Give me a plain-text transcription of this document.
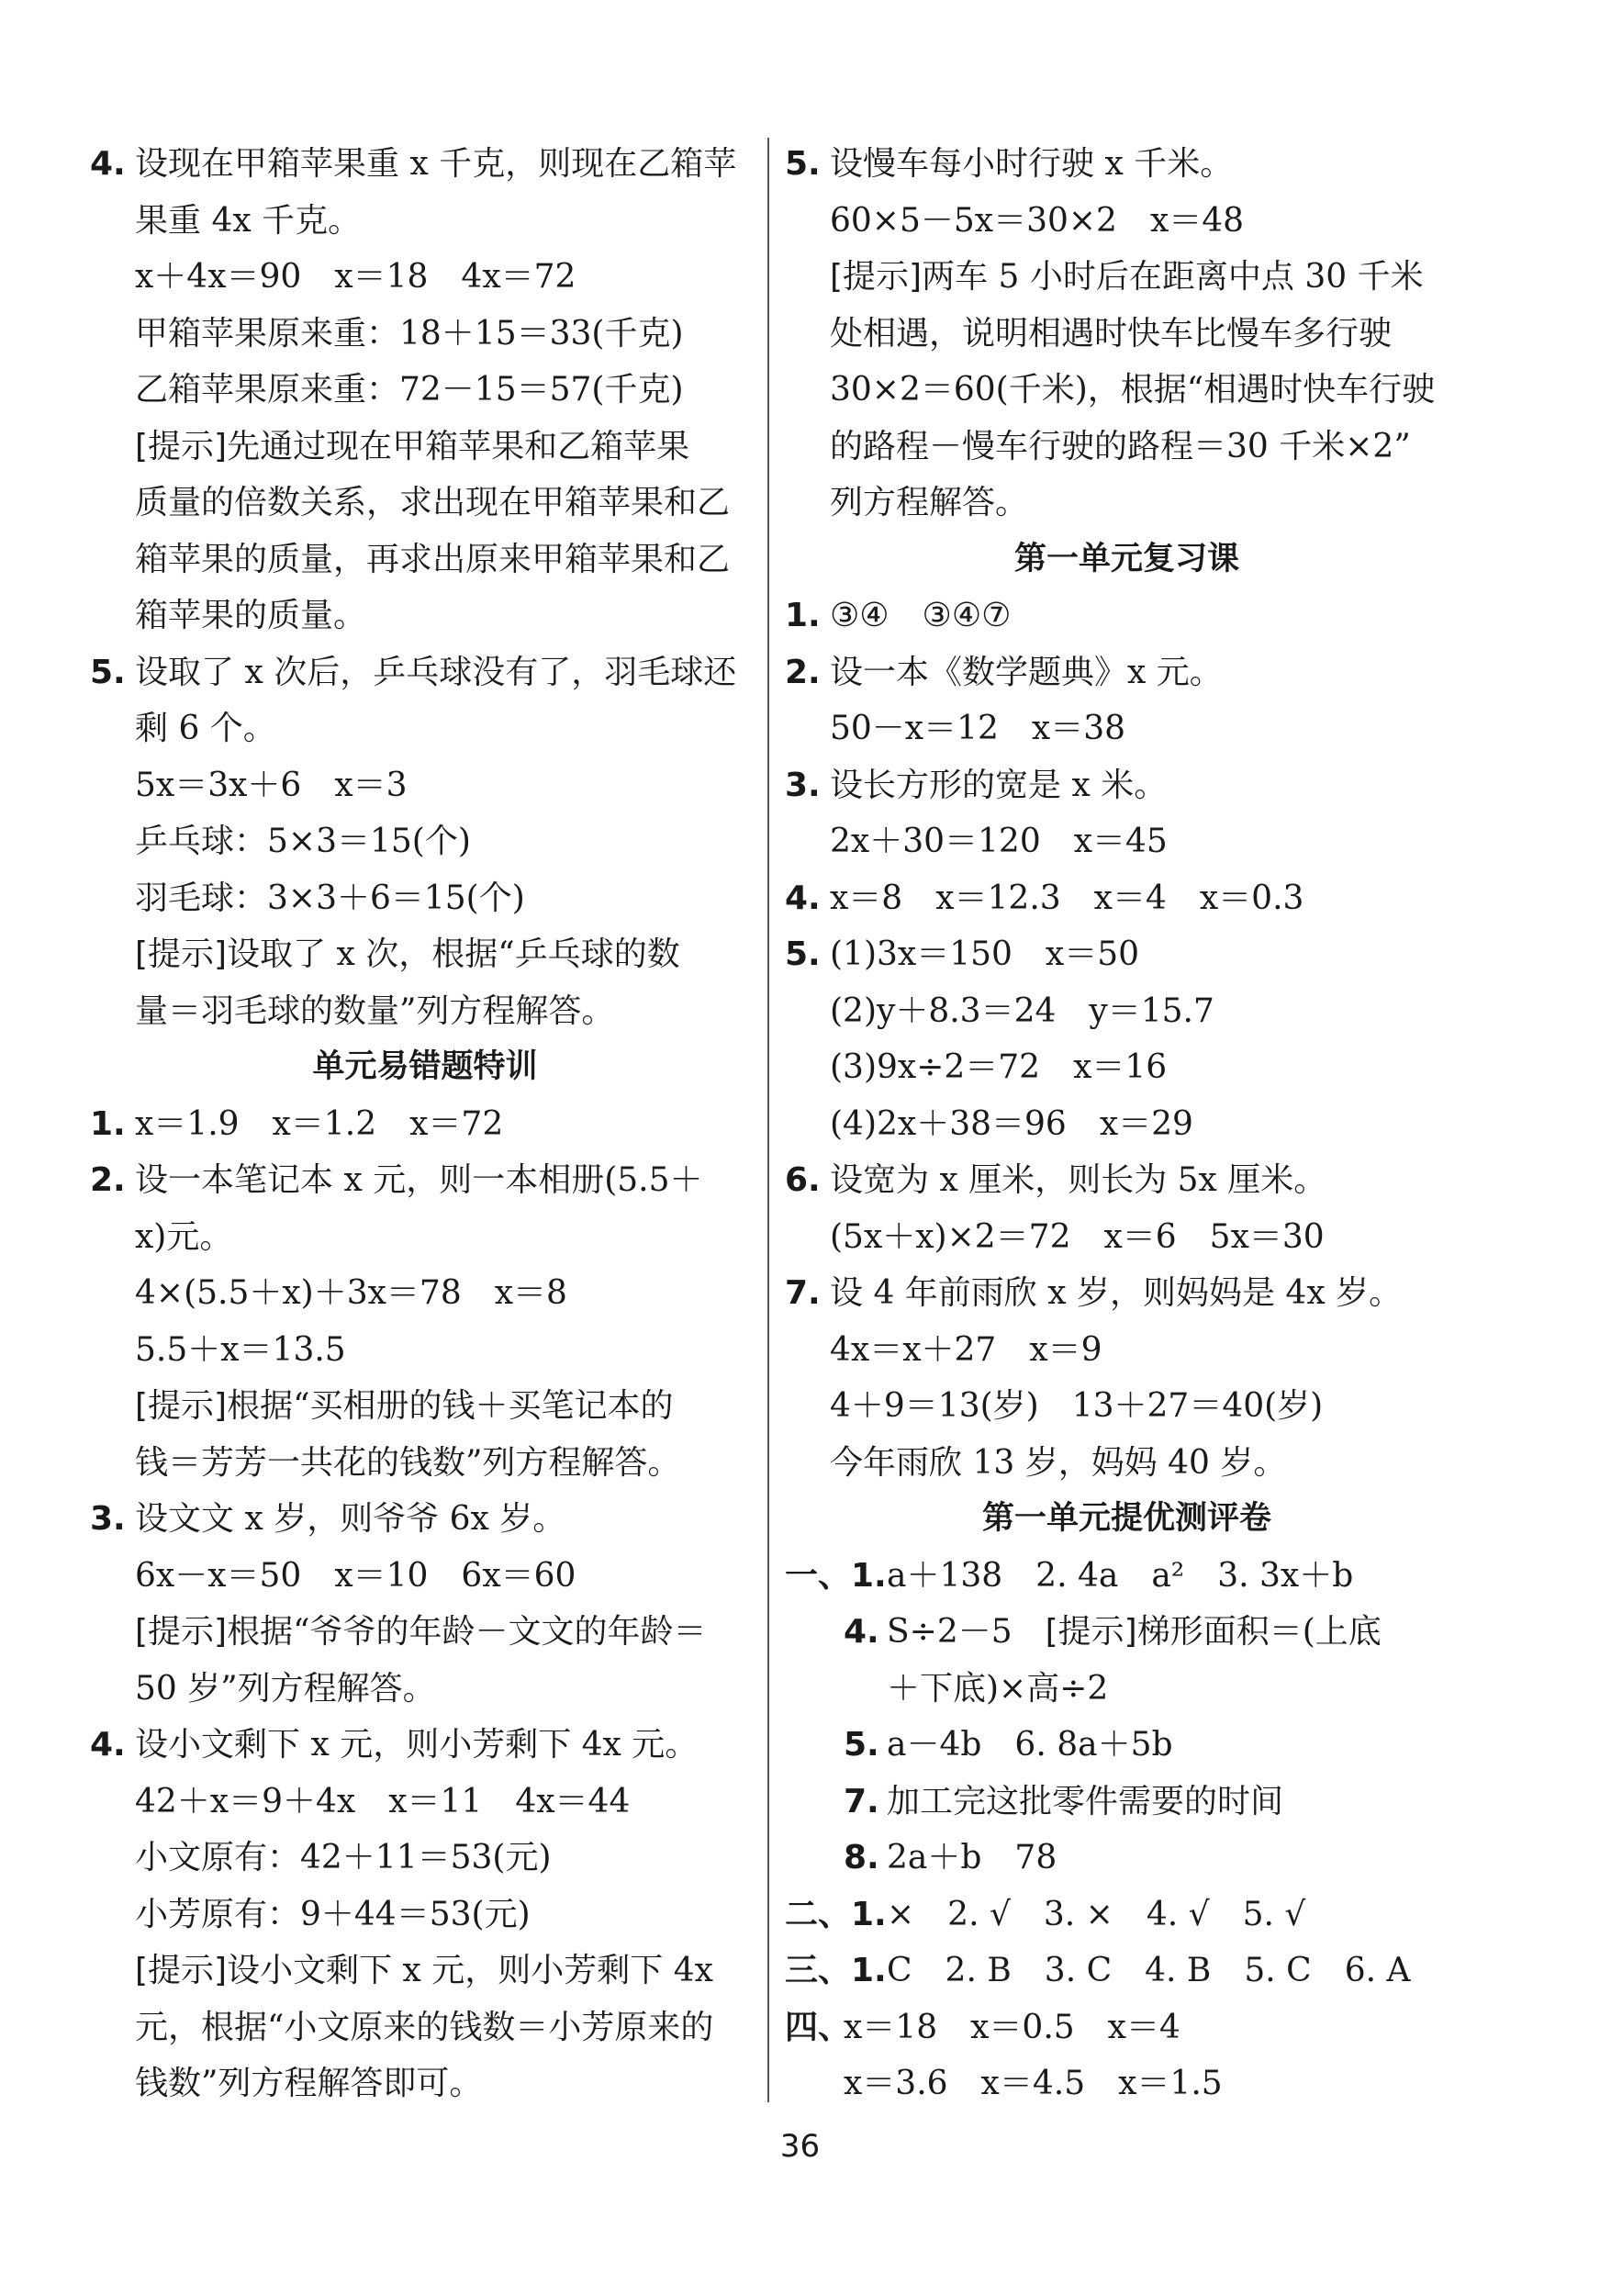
4. 设现在甲箱苹果重 x 千克，则现在乙箱苹
果重 4x 千克。
x＋4x＝90　x＝18　4x＝72
甲箱苹果原来重：18＋15＝33(千克)
乙箱苹果原来重：72－15＝57(千克)
[提示]先通过现在甲箱苹果和乙箱苹果
质量的倍数关系，求出现在甲箱苹果和乙
箱苹果的质量，再求出原来甲箱苹果和乙
箱苹果的质量。
5. 设取了 x 次后，乒乓球没有了，羽毛球还
剩 6 个。
5x＝3x＋6　x＝3
乒乓球：5×3＝15(个)
羽毛球：3×3＋6＝15(个)
[提示]设取了 x 次，根据“乒乓球的数
量＝羽毛球的数量”列方程解答。
单元易错题特训
1. x＝1.9　x＝1.2　x＝72
2. 设一本笔记本 x 元，则一本相册(5.5＋
x)元。
4×(5.5＋x)＋3x＝78　x＝8
5.5＋x＝13.5
[提示]根据“买相册的钱＋买笔记本的
钱＝芳芳一共花的钱数”列方程解答。
3. 设文文 x 岁，则爷爷 6x 岁。
6x－x＝50　x＝10　6x＝60
[提示]根据“爷爷的年龄－文文的年龄＝
50 岁”列方程解答。
4. 设小文剩下 x 元，则小芳剩下 4x 元。
42＋x＝9＋4x　x＝11　4x＝44
小文原有：42＋11＝53(元)
小芳原有：9＋44＝53(元)
[提示]设小文剩下 x 元，则小芳剩下 4x
元，根据“小文原来的钱数＝小芳原来的
钱数”列方程解答即可。
5. 设慢车每小时行驶 x 千米。
60×5－5x＝30×2　x＝48
[提示]两车 5 小时后在距离中点 30 千米
处相遇，说明相遇时快车比慢车多行驶
30×2＝60(千米)，根据“相遇时快车行驶
的路程－慢车行驶的路程＝30 千米×2”
列方程解答。
第一单元复习课
1. ③④　③④⑦
2. 设一本《数学题典》x 元。
50－x＝12　x＝38
3. 设长方形的宽是 x 米。
2x＋30＝120　x＝45
4. x＝8　x＝12.3　x＝4　x＝0.3
5. (1)3x＝150　x＝50
(2)y＋8.3＝24　y＝15.7
(3)9x÷2＝72　x＝16
(4)2x＋38＝96　x＝29
6. 设宽为 x 厘米，则长为 5x 厘米。
(5x＋x)×2＝72　x＝6　5x＝30
7. 设 4 年前雨欣 x 岁，则妈妈是 4x 岁。
4x＝x＋27　x＝9
4＋9＝13(岁)　13＋27＝40(岁)
今年雨欣 13 岁，妈妈 40 岁。
第一单元提优测评卷
一、1. a＋138　2. 4a　a²　3. 3x＋b
4. S÷2－5　[提示]梯形面积＝(上底
＋下底)×高÷2
5. a－4b　6. 8a＋5b
7. 加工完这批零件需要的时间
8. 2a＋b　78
二、1. ×　2. √　3. ×　4. √　5. √
三、1. C　2. B　3. C　4. B　5. C　6. A
四、
x＝18　x＝0.5　x＝4
x＝3.6　x＝4.5　x＝1.5
36
